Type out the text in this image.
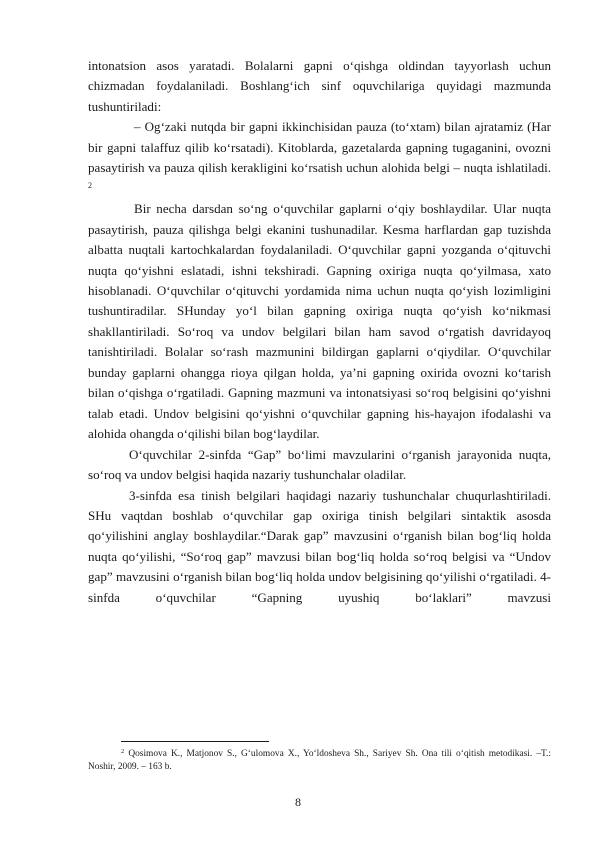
intonatsion asos yaratadi. Bolalarni gapni o‘qishga oldindan tayyorlash uchun chizmadan foydalaniladi. Boshlang‘ich sinf oquvchilariga quyidagi mazmunda tushuntiriladi:

– Og‘zaki nutqda bir gapni ikkinchisidan pauza (to‘xtam) bilan ajratamiz (Har bir gapni talaffuz qilib ko‘rsatadi). Kitoblarda, gazetalarda gapning tugaganini, ovozni pasaytirish va pauza qilish kerakligini ko‘rsatish uchun alohida belgi – nuqta ishlatiladi. $^2$

Bir necha darsdan so‘ng o‘quvchilar gaplarni o‘qiy boshlaydilar. Ular nuqta pasaytirish, pauza qilishga belgi ekanini tushunadilar. Kesma harflardan gap tuzishda albatta nuqtali kartochkalardan foydalaniladi. O‘quvchilar gapni yozganda o‘qituvchi nuqta qo‘yishni eslatadi, ishni tekshiradi. Gapning oxiriga nuqta qo‘yilmasa, xato hisoblanadi. O‘quvchilar o‘qituvchi yordamida nima uchun nuqta qo‘yish lozimligini tushuntiradilar. SHunday yo‘l bilan gapning oxiriga nuqta qo‘yish ko‘nikmasi shakllantiriladi. So‘roq va undov belgilari bilan ham savod o‘rgatish davridayoq tanishtiriladi. Bolalar so‘rash mazmunini bildirgan gaplarni o‘qiydilar. O‘quvchilar bunday gaplarni ohangga rioya qilgan holda, ya’ni gapning oxirida ovozni ko‘tarish bilan o‘qishga o‘rgatiladi. Gapning mazmuni va intonatsiyasi so‘roq belgisini qo‘yishni talab etadi. Undov belgisini qo‘yishni o‘quvchilar gapning his-hayajon ifodalashi va alohida ohangda o‘qilishi bilan bog‘laydilar.

O‘quvchilar 2-sinfda “Gap” bo‘limi mavzularini o‘rganish jarayonida nuqta, so‘roq va undov belgisi haqida nazariy tushunchalar oladilar.

3-sinfda esa tinish belgilari haqidagi nazariy tushunchalar chuqurlashtiriladi. SHu vaqtdan boshlab o‘quvchilar gap oxiriga tinish belgilari sintaktik asosda qo‘yilishini anglay boshlaydilar.“Darak gap” mavzusini o‘rganish bilan bog‘liq holda nuqta qo‘yilishi, “So‘roq gap” mavzusi bilan bog‘liq holda so‘roq belgisi va “Undov gap” mavzusini o‘rganish bilan bog‘liq holda undov belgisining qo‘yilishi o‘rgatiladi. 4-sinfda o‘quvchilar “Gapning uyushiq bo‘laklari” mavzusi

$^2$ Qosimova K., Matjonov S., G‘ulomova X., Yo‘ldosheva Sh., Sariyev Sh. Ona tili o‘qitish metodikasi. –T.: Noshir, 2009. – 163 b.
8
